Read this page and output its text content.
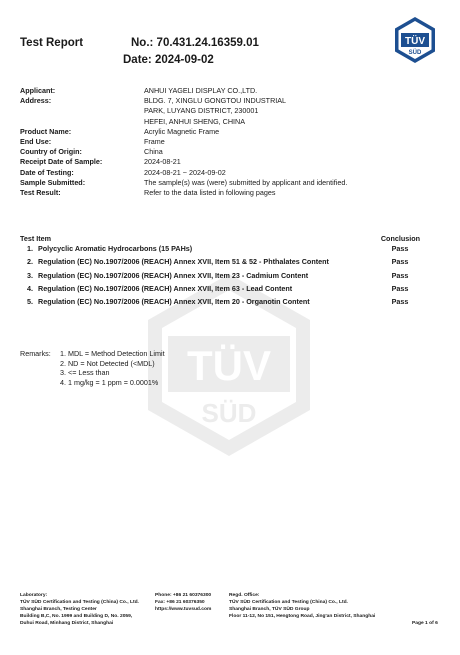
Test Report	No.: 70.431.24.16359.01
Date: 2024-09-02
TÜV
SÜD
TÜV
SÜD
Applicant:	ANHUI YAGELI DISPLAY CO.,LTD.
Address:	BLDG. 7, XINGLU GONGTOU INDUSTRIAL
PARK, LUYANG DISTRICT, 230001
HEFEI, ANHUI SHENG, CHINA
Product Name:	Acrylic Magnetic Frame
End Use:	Frame
Country of Origin:	China
Receipt Date of Sample:	2024-08-21
Date of Testing:	2024-08-21 ~ 2024-09-02
Sample Submitted:	The sample(s) was (were) submitted by applicant and identified.
Test Result:	Refer to the data listed in following pages
Test Item	Conclusion
1. Polycyclic Aromatic Hydrocarbons (15 PAHs)	Pass
2. Regulation (EC) No.1907/2006 (REACH) Annex XVII, Item 51 & 52 - Phthalates Content	Pass
3. Regulation (EC) No.1907/2006 (REACH) Annex XVII, Item 23 - Cadmium Content	Pass
4. Regulation (EC) No.1907/2006 (REACH) Annex XVII, Item 63 - Lead Content	Pass
5. Regulation (EC) No.1907/2006 (REACH) Annex XVII, Item 20 - Organotin Content	Pass
Remarks:	1. MDL = Method Detection Limit
2. ND = Not Detected (<MDL)
3. <= Less than
4. 1 mg/kg = 1 ppm = 0.0001%
Laboratory:
TÜV SÜD Certification and Testing (China) Co., Ltd.
Shanghai Branch, Testing Center
Building B,C, No. 1999 and Building D, No. 2059,
Duhui Road, Minhang District, Shanghai
Phone: +86 21 60376300
Fax: +86 21 60376350
https://www.tuvsud.com
Regd. Office:
TÜV SÜD Certification and Testing (China) Co., Ltd.
Shanghai Branch, TÜV SÜD Group
Floor 11-12, No 151, Hengtong Road, Jing'an District, Shanghai
Page 1 of 6
